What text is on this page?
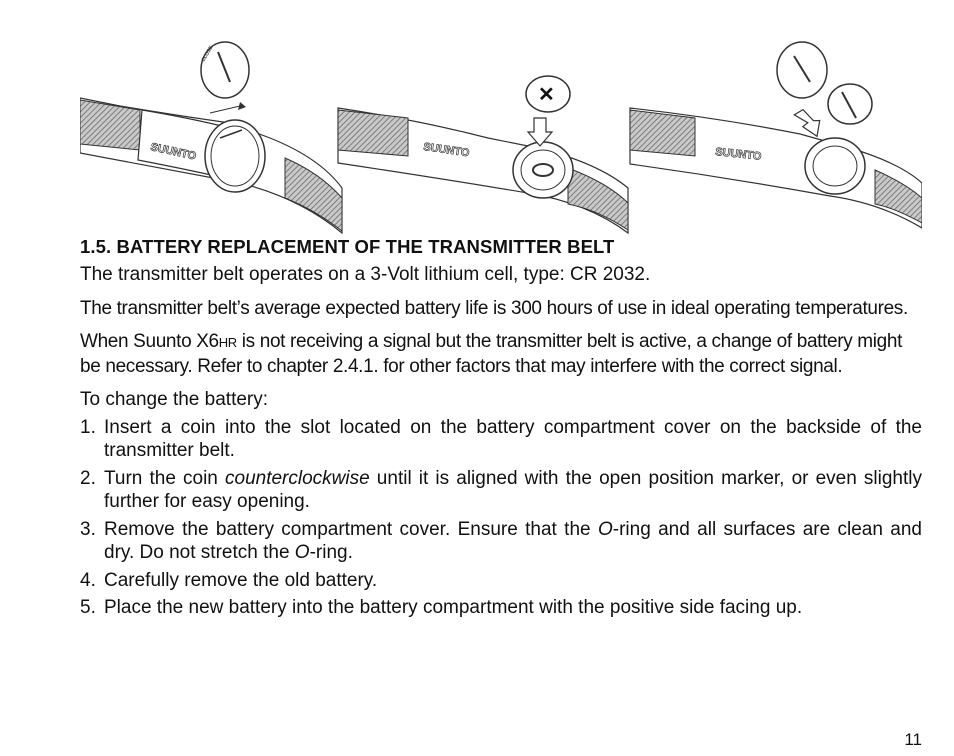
SUUNTO
CLOSE
SUUNTO
✕
SUUNTO
1.5. BATTERY REPLACEMENT OF THE TRANSMITTER BELT

The transmitter belt operates on a 3-Volt lithium cell, type: CR 2032.

The transmitter belt’s average expected battery life is 300 hours of use in ideal operating temperatures.

When Suunto X6HR is not receiving a signal but the transmitter belt is active, a change of battery might be necessary. Refer to chapter 2.4.1. for other factors that may interfere with the correct signal.

To change the battery:

1. Insert a coin into the slot located on the battery compartment cover on the backside of the transmitter belt.
2. Turn the coin counterclockwise until it is aligned with the open position marker, or even slightly further for easy opening.
3. Remove the battery compartment cover. Ensure that the O-ring and all surfaces are clean and dry. Do not stretch the O-ring.
4. Carefully remove the old battery.
5. Place the new battery into the battery compartment with the positive side facing up.
11
